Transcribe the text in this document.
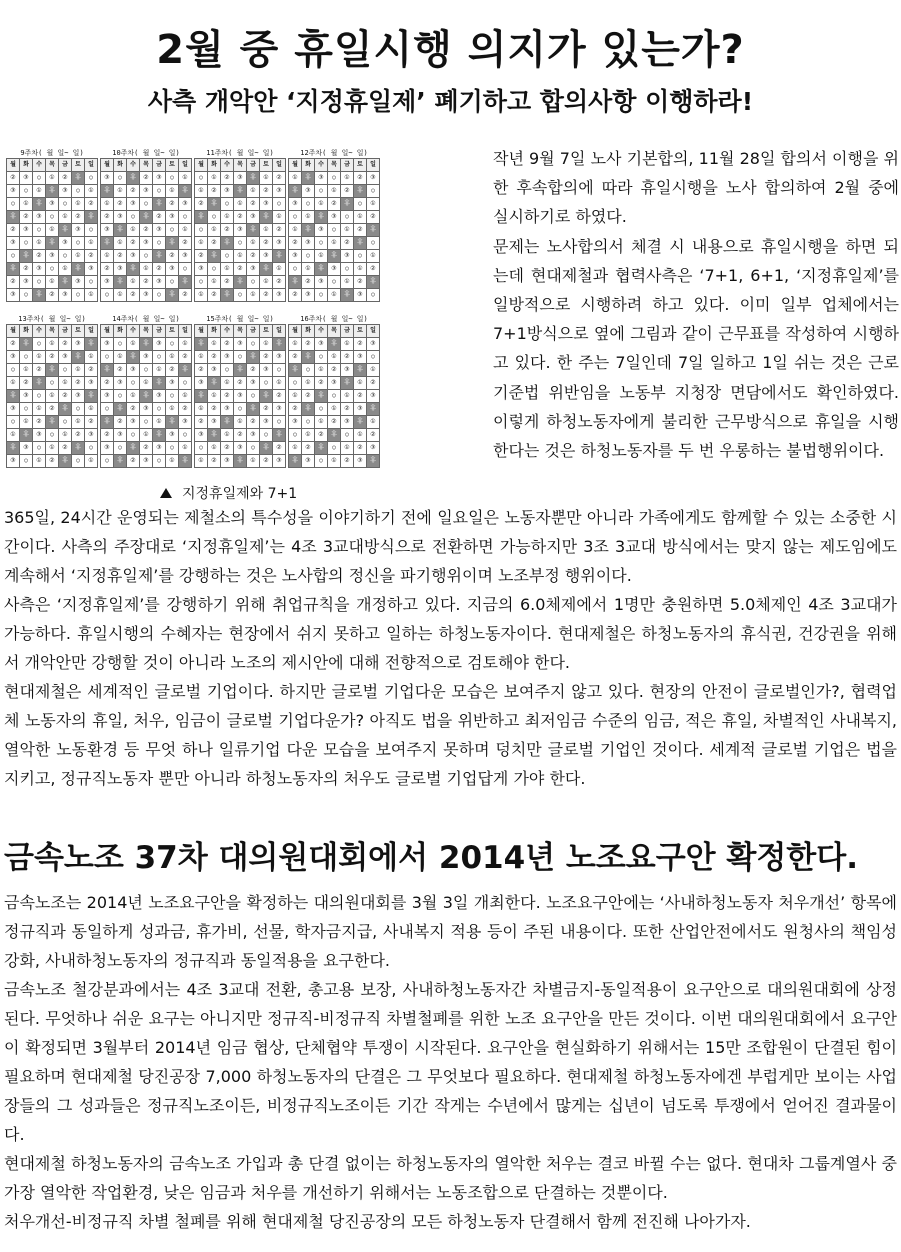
2월 중 휴일시행 의지가 있는가?
사측 개악안 ‘지정휴일제’ 폐기하고 합의사항 이행하라!
9주차( 월 일~ 일)
월	화	수	목	금	토	일
②	③	○	①	②	휴	○
③	○	①	휴	③	○	①
○	①	휴	③	○	①	②
휴	②	③	○	①	②	휴
②	③	○	①	휴	③	○
③	○	①	휴	③	○	①
○	휴	②	③	○	①	②
휴	②	③	○	①	휴	③
②	③	○	①	휴	③	○
③	○	휴	②	③	○	①
10주차( 월 일~ 일)
월	화	수	목	금	토	일
③	○	휴	②	③	○	①
휴	①	②	③	○	①	휴
①	②	③	○	휴	②	③
②	③	○	휴	②	③	○
③	휴	①	②	③	○	①
휴	①	②	③	○	휴	②
①	②	③	○	휴	②	③
②	③	휴	①	②	③	○
③	휴	①	②	③	○	휴
○	①	②	③	○	휴	②
11주차( 월 일~ 일)
월	화	수	목	금	토	일
○	①	②	③	휴	①	②
①	②	③	휴	①	②	③
②	휴	○	①	②	③	○
휴	○	①	②	③	휴	①
○	①	②	③	휴	①	②
①	②	휴	○	①	②	③
②	휴	○	①	②	③	휴
③	○	①	②	③	휴	①
○	①	②	휴	○	①	②
①	②	휴	○	①	②	③
12주차( 월 일~ 일)
월	화	수	목	금	토	일
①	휴	③	○	①	②	③
휴	③	○	①	②	휴	○
③	○	①	②	휴	○	①
○	①	휴	③	○	①	②
①	휴	③	○	①	②	휴
②	③	○	①	②	휴	○
③	○	①	휴	③	○	①
○	①	휴	③	○	①	②
휴	②	③	○	①	②	휴
②	③	○	①	휴	③	○
13주차( 월 일~ 일)
월	화	수	목	금	토	일
②	휴	○	①	②	③	휴
③	○	①	②	③	휴	①
○	①	②	휴	○	①	②
①	②	휴	○	①	②	③
휴	③	○	①	②	③	휴
③	○	①	②	휴	○	①
○	①	②	휴	○	①	②
①	휴	③	○	①	②	③
휴	③	○	①	②	휴	○
③	○	①	②	휴	○	①
14주차( 월 일~ 일)
월	화	수	목	금	토	일
③	○	①	휴	③	○	①
○	①	휴	③	○	①	②
휴	②	③	○	①	②	휴
②	③	○	①	휴	③	○
③	○	①	휴	③	○	①
○	휴	②	③	○	①	②
휴	②	③	○	①	휴	③
②	③	○	①	휴	③	○
③	○	휴	②	③	○	①
○	휴	②	③	○	①	휴
15주차( 월 일~ 일)
월	화	수	목	금	토	일
휴	①	②	③	○	①	휴
①	②	③	○	휴	②	③
②	③	○	휴	②	③	○
③	휴	①	②	③	○	①
휴	①	②	③	○	휴	②
①	②	③	○	휴	②	③
②	③	휴	①	②	③	○
③	휴	①	②	③	○	휴
○	①	②	③	○	휴	②
①	②	③	휴	①	②	③
16주차( 월 일~ 일)
월	화	수	목	금	토	일
①	②	③	휴	①	②	③
②	휴	○	①	②	③	○
휴	○	①	②	③	휴	①
○	①	②	③	휴	①	②
①	②	휴	○	①	②	③
②	휴	○	①	②	③	휴
③	○	①	②	③	휴	①
○	①	②	휴	○	①	②
①	②	휴	○	①	②	③
휴	③	○	①	②	③	휴
지정휴일제와 7+1

작년 9월 7일 노사 기본합의, 11월 28일 합의서 이행을 위한 후속합의에 따라 휴일시행을 노사 합의하여 2월 중에 실시하기로 하였다.

문제는 노사합의서 체결 시 내용으로 휴일시행을 하면 되는데 현대제철과 협력사측은 ‘7+1, 6+1, ‘지정휴일제’를 일방적으로 시행하려 하고 있다. 이미 일부 업체에서는 7+1방식으로 옆에 그림과 같이 근무표를 작성하여 시행하고 있다. 한 주는 7일인데 7일 일하고 1일 쉬는 것은 근로기준법 위반임을 노동부 지청장 면담에서도 확인하였다. 이렇게 하청노동자에게 불리한 근무방식으로 휴일을 시행한다는 것은 하청노동자를 두 번 우롱하는 불법행위이다.

365일, 24시간 운영되는 제철소의 특수성을 이야기하기 전에 일요일은 노동자뿐만 아니라 가족에게도 함께할 수 있는 소중한 시간이다. 사측의 주장대로 ‘지정휴일제’는 4조 3교대방식으로 전환하면 가능하지만 3조 3교대 방식에서는 맞지 않는 제도임에도 계속해서 ‘지정휴일제’를 강행하는 것은 노사합의 정신을 파기행위이며 노조부정 행위이다.

사측은 ‘지정휴일제’를 강행하기 위해 취업규칙을 개정하고 있다. 지금의 6.0체제에서 1명만 충원하면 5.0체제인 4조 3교대가 가능하다. 휴일시행의 수혜자는 현장에서 쉬지 못하고 일하는 하청노동자이다. 현대제철은 하청노동자의 휴식권, 건강권을 위해서 개악안만 강행할 것이 아니라 노조의 제시안에 대해 전향적으로 검토해야 한다.

현대제철은 세계적인 글로벌 기업이다. 하지만 글로벌 기업다운 모습은 보여주지 않고 있다. 현장의 안전이 글로벌인가?, 협력업체 노동자의 휴일, 처우, 임금이 글로벌 기업다운가? 아직도 법을 위반하고 최저임금 수준의 임금, 적은 휴일, 차별적인 사내복지, 열악한 노동환경 등 무엇 하나 일류기업 다운 모습을 보여주지 못하며 덩치만 글로벌 기업인 것이다. 세계적 글로벌 기업은 법을 지키고, 정규직노동자 뿐만 아니라 하청노동자의 처우도 글로벌 기업답게 가야 한다.

금속노조 37차 대의원대회에서 2014년 노조요구안 확정한다.

금속노조는 2014년 노조요구안을 확정하는 대의원대회를 3월 3일 개최한다. 노조요구안에는 ‘사내하청노동자 처우개선’ 항목에 정규직과 동일하게 성과금, 휴가비, 선물, 학자금지급, 사내복지 적용 등이 주된 내용이다. 또한 산업안전에서도 원청사의 책임성 강화, 사내하청노동자의 정규직과 동일적용을 요구한다.

금속노조 철강분과에서는 4조 3교대 전환, 총고용 보장, 사내하청노동자간 차별금지-동일적용이 요구안으로 대의원대회에 상정된다. 무엇하나 쉬운 요구는 아니지만 정규직-비정규직 차별철폐를 위한 노조 요구안을 만든 것이다. 이번 대의원대회에서 요구안이 확정되면 3월부터 2014년 임금 협상, 단체협약 투쟁이 시작된다. 요구안을 현실화하기 위해서는 15만 조합원이 단결된 힘이 필요하며 현대제철 당진공장 7,000 하청노동자의 단결은 그 무엇보다 필요하다. 현대제철 하청노동자에겐 부럽게만 보이는 사업장들의 그 성과들은 정규직노조이든, 비정규직노조이든 기간 작게는 수년에서 많게는 십년이 넘도록 투쟁에서 얻어진 결과물이다.

현대제철 하청노동자의 금속노조 가입과 총 단결 없이는 하청노동자의 열악한 처우는 결코 바뀔 수는 없다. 현대차 그룹계열사 중 가장 열악한 작업환경, 낮은 임금과 처우를 개선하기 위해서는 노동조합으로 단결하는 것뿐이다.

처우개선-비정규직 차별 철폐를 위해 현대제철 당진공장의 모든 하청노동자 단결해서 함께 전진해 나아가자.
